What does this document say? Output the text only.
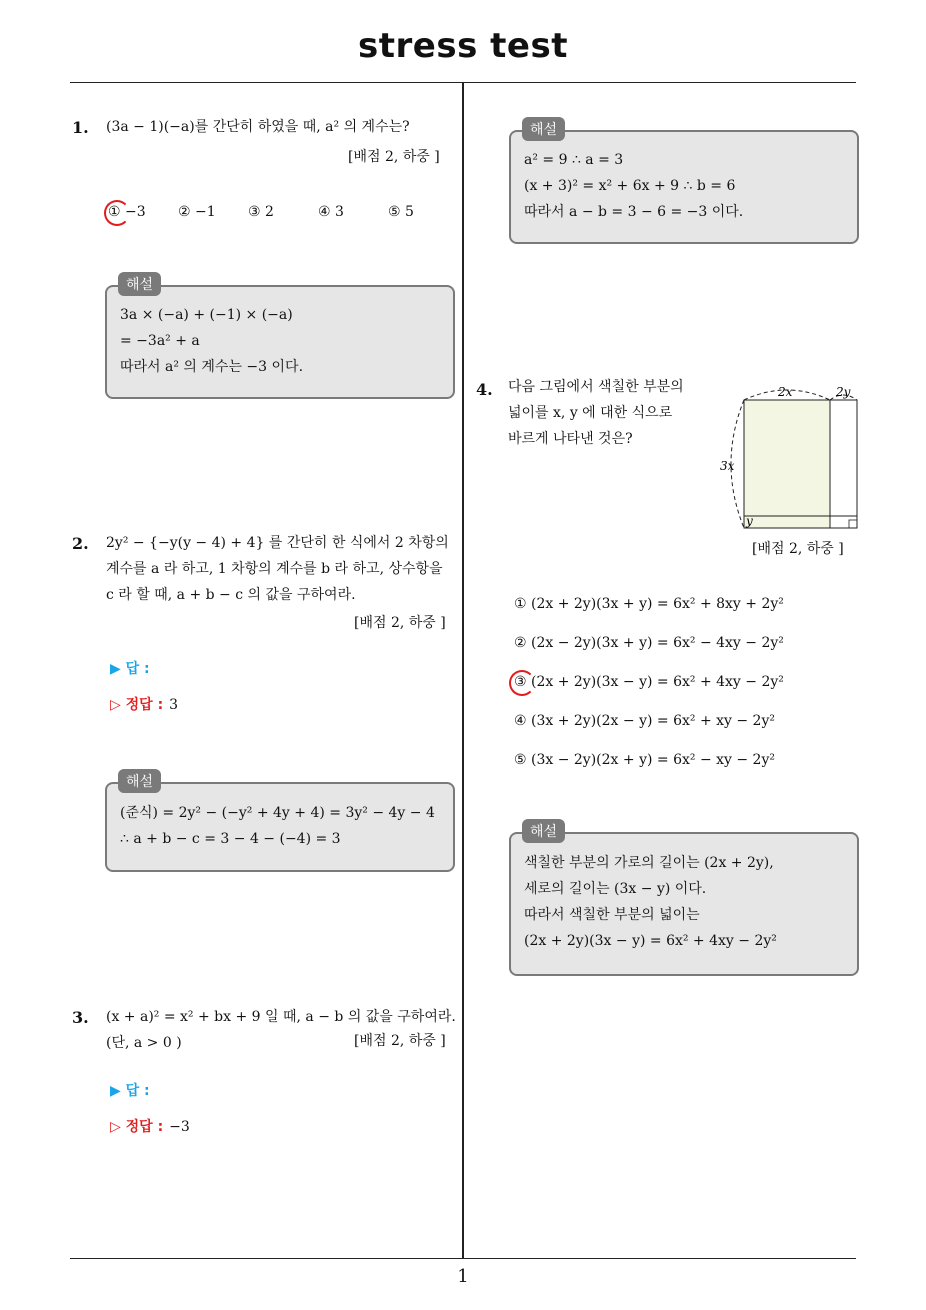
stress test
1
1. (3a − 1)(−a)를 간단히 하였을 때, a² 의 계수는?
[배점 2, 하중 ]
① −3	② −1	③ 2	④ 3	⑤ 5
해설
3a × (−a) + (−1) × (−a)
= −3a² + a
따라서 a² 의 계수는 −3 이다.
2. 2y² − {−y(y − 4) + 4} 를 간단히 한 식에서 2 차항의
계수를 a 라 하고, 1 차항의 계수를 b 라 하고, 상수항을
c 라 할 때, a + b − c 의 값을 구하여라.
[배점 2, 하중 ]
▶ 답 :
▷ 정답 : 3
해설
(준식) = 2y² − (−y² + 4y + 4) = 3y² − 4y − 4
∴ a + b − c = 3 − 4 − (−4) = 3
3. (x + a)² = x² + bx + 9 일 때, a − b 의 값을 구하여라.
(단, a > 0 )	[배점 2, 하중 ]
▶ 답 :
▷ 정답 : −3
해설
a² = 9 ∴ a = 3
(x + 3)² = x² + 6x + 9 ∴ b = 6
따라서 a − b = 3 − 6 = −3 이다.
4. 다음 그림에서 색칠한 부분의
넓이를 x, y 에 대한 식으로
바르게 나타낸 것은?
2x	2y
3x
y
[배점 2, 하중 ]
① (2x + 2y)(3x + y) = 6x² + 8xy + 2y²
② (2x − 2y)(3x + y) = 6x² − 4xy − 2y²
③ (2x + 2y)(3x − y) = 6x² + 4xy − 2y²
④ (3x + 2y)(2x − y) = 6x² + xy − 2y²
⑤ (3x − 2y)(2x + y) = 6x² − xy − 2y²
해설
색칠한 부분의 가로의 길이는 (2x + 2y),
세로의 길이는 (3x − y) 이다.
따라서 색칠한 부분의 넓이는
(2x + 2y)(3x − y) = 6x² + 4xy − 2y²
